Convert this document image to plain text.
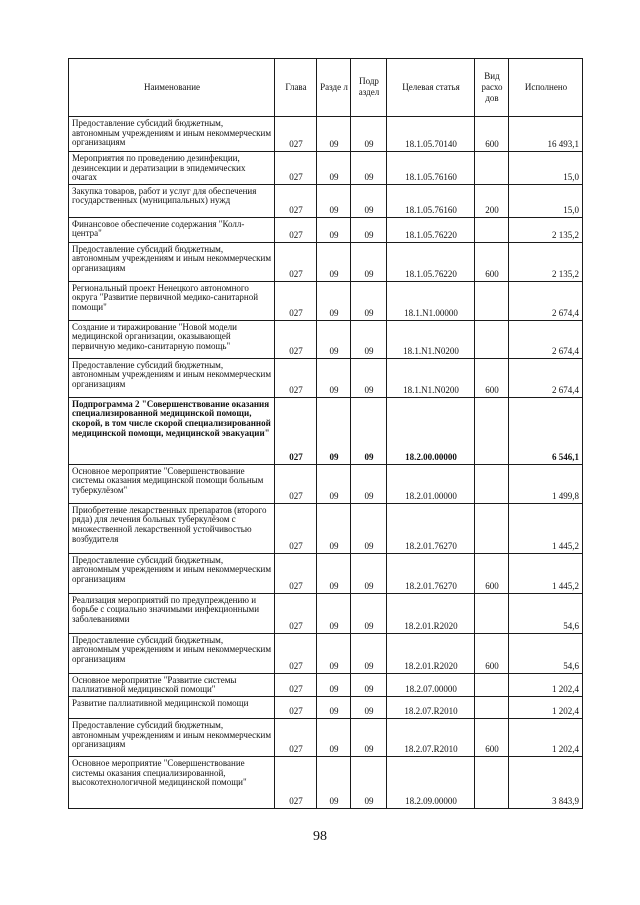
Наименование	Глава	Разде л	Подр аздел	Целевая статья	Вид расхо дов	Исполнено
Предоставление субсидий бюджетным, автономным учреждениям и иным некоммерческим организациям	027	09	09	18.1.05.70140	600	16 493,1
Мероприятия по проведению дезинфекции, дезинсекции и дератизации в эпидемических очагах	027	09	09	18.1.05.76160		15,0
Закупка товаров, работ и услуг для обеспечения государственных (муниципальных) нужд	027	09	09	18.1.05.76160	200	15,0
Финансовое обеспечение содержания "Колл-центра"	027	09	09	18.1.05.76220		2 135,2
Предоставление субсидий бюджетным, автономным учреждениям и иным некоммерческим организациям	027	09	09	18.1.05.76220	600	2 135,2
Региональный проект Ненецкого автономного округа "Развитие первичной медико-санитарной помощи"	027	09	09	18.1.N1.00000		2 674,4
Создание и тиражирование "Новой модели медицинской организации, оказывающей первичную медико-санитарную помощь"	027	09	09	18.1.N1.N0200		2 674,4
Предоставление субсидий бюджетным, автономным учреждениям и иным некоммерческим организациям	027	09	09	18.1.N1.N0200	600	2 674,4
Подпрограмма 2 "Совершенствование оказания специализированной медицинской помощи, скорой, в том числе скорой специализированной медицинской помощи, медицинской эвакуации"	027	09	09	18.2.00.00000		6 546,1
Основное мероприятие "Совершенствование системы оказания медицинской помощи больным туберкулёзом"	027	09	09	18.2.01.00000		1 499,8
Приобретение лекарственных препаратов (второго ряда) для лечения больных туберкулёзом с множественной лекарственной устойчивостью возбудителя	027	09	09	18.2.01.76270		1 445,2
Предоставление субсидий бюджетным, автономным учреждениям и иным некоммерческим организациям	027	09	09	18.2.01.76270	600	1 445,2
Реализация мероприятий по предупреждению и борьбе с социально значимыми инфекционными заболеваниями	027	09	09	18.2.01.R2020		54,6
Предоставление субсидий бюджетным, автономным учреждениям и иным некоммерческим организациям	027	09	09	18.2.01.R2020	600	54,6
Основное мероприятие "Развитие системы паллиативной медицинской помощи"	027	09	09	18.2.07.00000		1 202,4
Развитие паллиативной медицинской помощи	027	09	09	18.2.07.R2010		1 202,4
Предоставление субсидий бюджетным, автономным учреждениям и иным некоммерческим организациям	027	09	09	18.2.07.R2010	600	1 202,4
Основное мероприятие "Совершенствование системы оказания специализированной, высокотехнологичной медицинской помощи"	027	09	09	18.2.09.00000		3 843,9
98
